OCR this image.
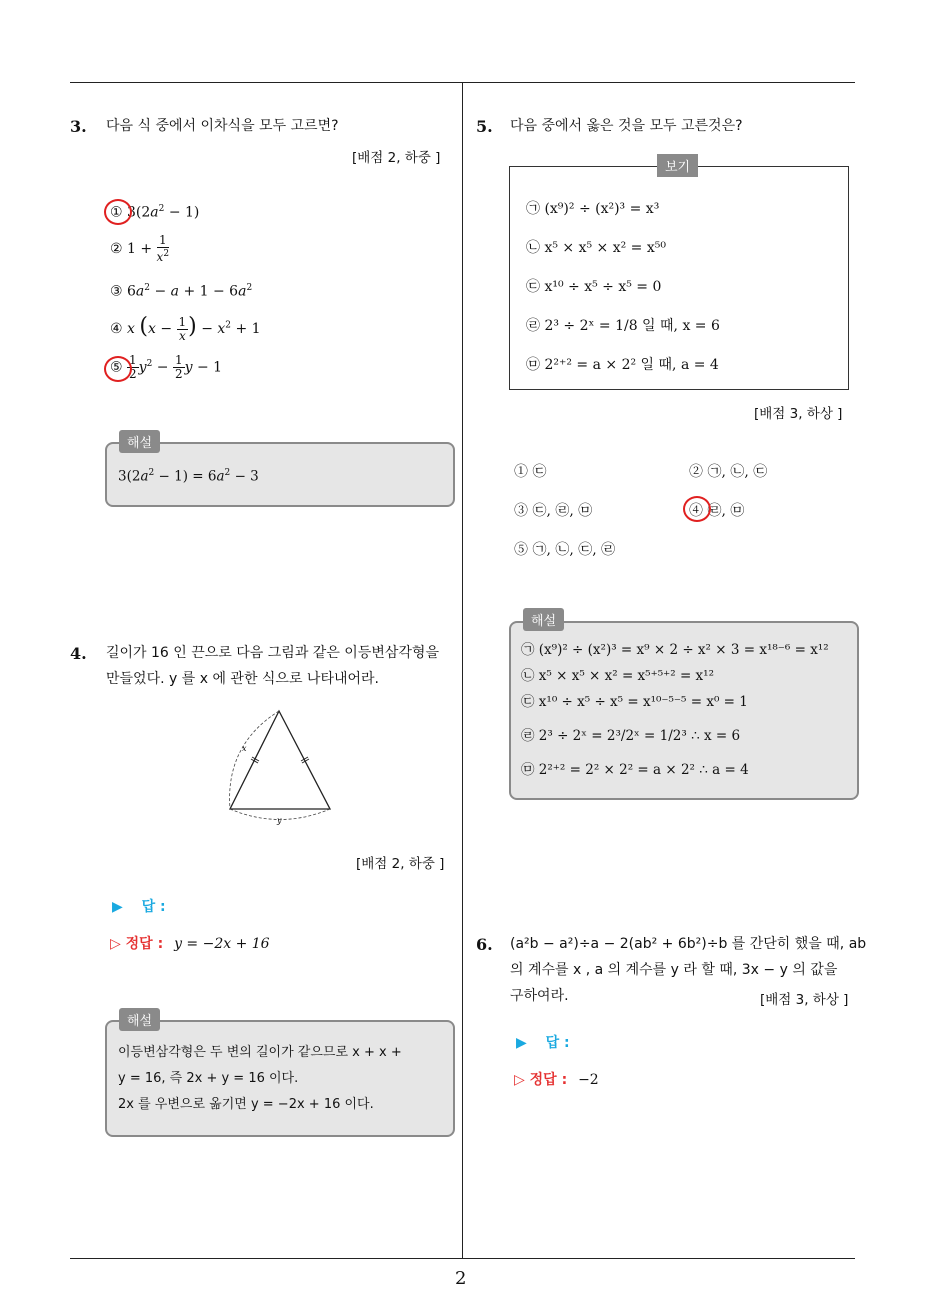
2
3. 다음 식 중에서 이차식을 모두 고르면?
[배점 2, 하중 ]
① $3(2a^2 - 1)$
② $1 + \frac{1}{x^2}$
③ $6a^2 - a + 1 - 6a^2$
④ x ($x - \frac{1}{x}$ ) − $x^2 + 1$
⑤ $\frac{1}{2} y^2 - \frac{1}{2}$ y − 1
해설
$3(2a^2 - 1) = 6a^2 - 3$
4. 길이가 16 인 끈으로 다음 그림과 같은 이등변삼각형을
만들었다. y 를 x 에 관한 식으로 나타내어라.
x
y
[배점 2, 하중 ]
▶ 답 :
▷ 정답 : y = −2x + 16
해설
이등변삼각형은 두 변의 길이가 같으므로 x + x +
y = 16, 즉 2x + y = 16 이다.
2x 를 우변으로 옮기면 y = −2x + 16 이다.
5. 다음 중에서 옳은 것을 모두 고른것은?
보기
㉠ (x⁹)² ÷ (x²)³ = x³
㉡ x⁵ × x⁵ × x² = x⁵⁰
㉢ x¹⁰ ÷ x⁵ ÷ x⁵ = 0
㉣ 2³ ÷ 2ˣ = 1/8 일 때, x = 6
㉤ 2²⁺² = a × 2² 일 때, a = 4
[배점 3, 하상 ]
① ㉢	② ㉠, ㉡, ㉢
③ ㉢, ㉣, ㉤	④ ㉣, ㉤
⑤ ㉠, ㉡, ㉢, ㉣
해설
㉠ (x⁹)² ÷ (x²)³ = x⁹ × 2 ÷ x² × 3 = x¹⁸⁻⁶ = x¹²
㉡ x⁵ × x⁵ × x² = x⁵⁺⁵⁺² = x¹²
㉢ x¹⁰ ÷ x⁵ ÷ x⁵ = x¹⁰⁻⁵⁻⁵ = x⁰ = 1
㉣ 2³ ÷ 2ˣ = 2³/2ˣ = 1/2³ ∴ x = 6
㉤ 2²⁺² = 2² × 2² = a × 2² ∴ a = 4
6. (a²b − a²)÷a − 2(ab² + 6b²)÷b 를 간단히 했을 때, ab
의 계수를 x , a 의 계수를 y 라 할 때, 3x − y 의 값을
구하여라.	[배점 3, 하상 ]
▶ 답 :
▷ 정답 : −2
